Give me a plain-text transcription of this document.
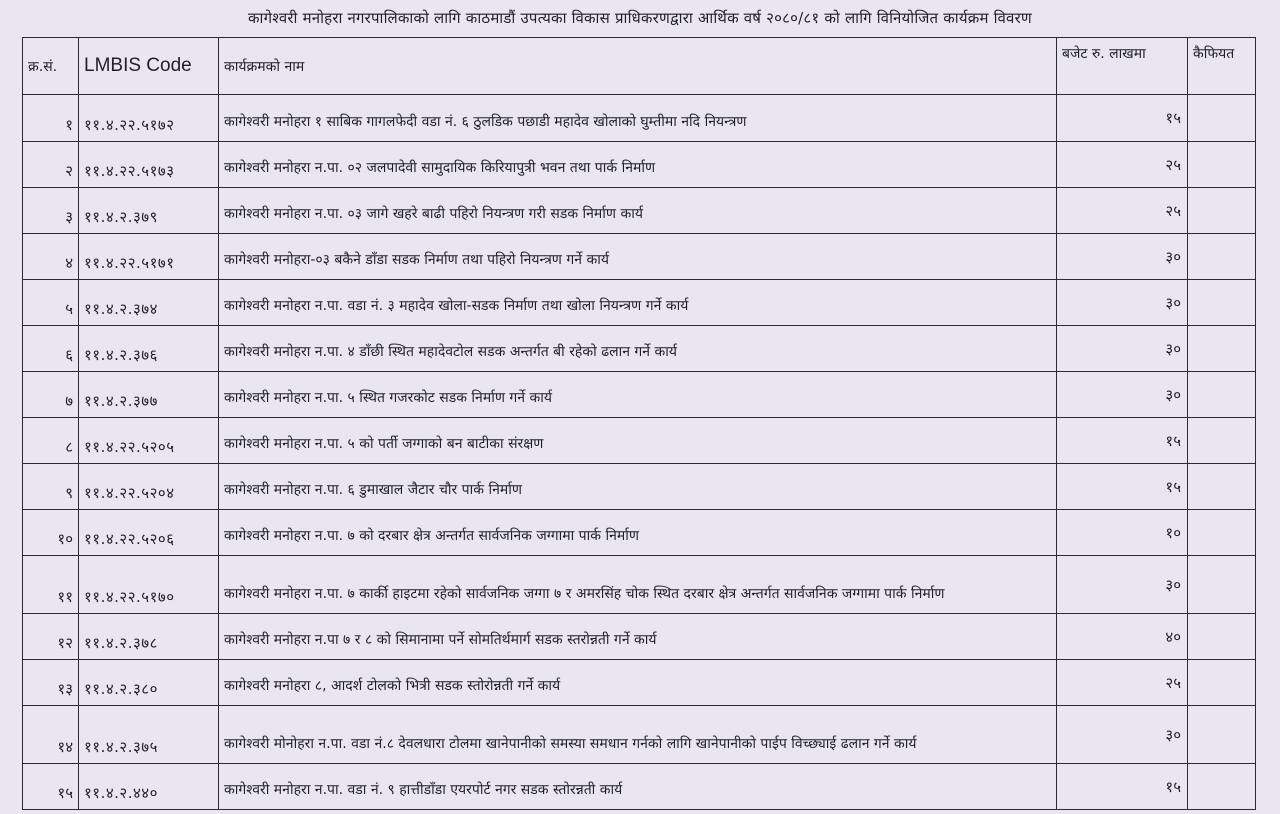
कागेश्वरी मनोहरा नगरपालिकाको लागि काठमाडौं उपत्यका विकास प्राधिकरणद्वारा आर्थिक वर्ष २०८०/८१ को लागि विनियोजित कार्यक्रम विवरण
क्र.सं.	LMBIS Code	कार्यक्रमको नाम	बजेट रु. लाखमा	कैफियत
१	११.४.२२.५१७२	कागेश्वरी मनोहरा १ साबिक गागलफेदी वडा नं. ६ ठुलडिक पछाडी महादेव खोलाको घुम्तीमा नदि नियन्त्रण	१५	
२	११.४.२२.५१७३	कागेश्वरी मनोहरा न.पा. ०२ जलपादेवी सामुदायिक किरियापुत्री भवन तथा पार्क निर्माण	२५	
३	११.४.२.३७९	कागेश्वरी मनोहरा न.पा. ०३ जागे खहरे बाढी पहिरो नियन्त्रण गरी सडक निर्माण कार्य	२५	
४	११.४.२२.५१७१	कागेश्वरी मनोहरा-०३ बकैने डाँडा सडक निर्माण तथा पहिरो नियन्त्रण गर्ने कार्य	३०	
५	११.४.२.३७४	कागेश्वरी मनोहरा न.पा. वडा नं. ३ महादेव खोला-सडक निर्माण तथा खोला नियन्त्रण गर्ने कार्य	३०	
६	११.४.२.३७६	कागेश्वरी मनोहरा न.पा. ४ डाँछी स्थित महादेवटोल सडक अन्तर्गत बी रहेको ढलान गर्ने कार्य	३०	
७	११.४.२.३७७	कागेश्वरी मनोहरा न.पा. ५ स्थित गजरकोट सडक निर्माण गर्ने कार्य	३०	
८	११.४.२२.५२०५	कागेश्वरी मनोहरा न.पा. ५ को पर्ती जग्गाको बन बाटीका संरक्षण	१५	
९	११.४.२२.५२०४	कागेश्वरी मनोहरा न.पा. ६ डुमाखाल जैटार चौर पार्क निर्माण	१५	
१०	११.४.२२.५२०६	कागेश्वरी मनोहरा न.पा. ७ को दरबार क्षेत्र अन्तर्गत सार्वजनिक जग्गामा पार्क निर्माण	१०	
११	११.४.२२.५१७०	कागेश्वरी मनोहरा न.पा. ७ कार्की हाइटमा रहेको सार्वजनिक जग्गा ७ र अमरसिंह चोक स्थित दरबार क्षेत्र अन्तर्गत सार्वजनिक जग्गामा पार्क निर्माण	३०	
१२	११.४.२.३७८	कागेश्वरी मनोहरा न.पा ७ र ८ को सिमानामा पर्ने सोमतिर्थमार्ग सडक स्तरोन्नती गर्ने कार्य	४०	
१३	११.४.२.३८०	कागेश्वरी मनोहरा ८, आदर्श टोलको भित्री सडक स्तोरोन्नती गर्ने कार्य	२५	
१४	११.४.२.३७५	कागेश्वरी मोनोहरा न.पा. वडा नं.८ देवलधारा टोलमा खानेपानीको समस्या समधान गर्नको लागि खानेपानीको पाईप विच्छ्याई ढलान गर्ने कार्य	३०	
१५	११.४.२.४४०	कागेश्वरी मनोहरा न.पा. वडा नं. ९ हात्तीडाँडा एयरपोर्ट नगर सडक स्तोरन्नती कार्य	१५	
